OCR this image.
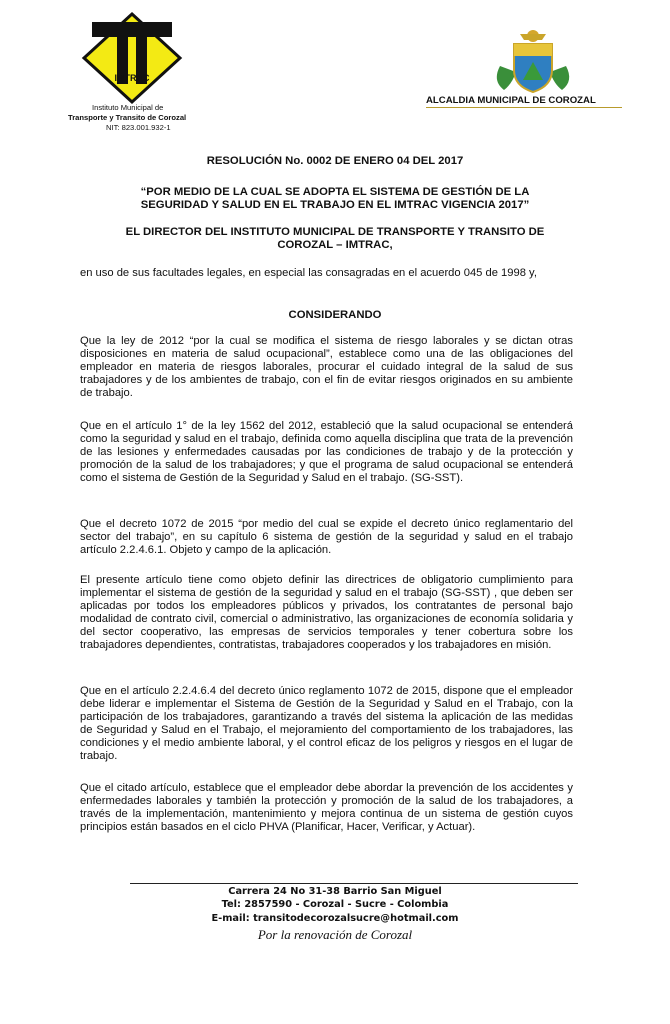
IMTRAC
Instituto Municipal de
Transporte y Transito de Corozal
NIT: 823.001.932-1
ALCALDIA MUNICIPAL DE COROZAL
RESOLUCIÓN No. 0002 DE ENERO 04 DEL 2017
“POR MEDIO DE LA CUAL SE ADOPTA EL SISTEMA DE GESTIÓN DE LA
SEGURIDAD Y SALUD EN EL TRABAJO EN EL IMTRAC VIGENCIA 2017”
EL DIRECTOR DEL INSTITUTO MUNICIPAL DE TRANSPORTE Y TRANSITO DE
COROZAL – IMTRAC,
en uso de sus facultades legales, en especial las consagradas en el acuerdo 045 de 1998 y,
CONSIDERANDO
Que la ley de 2012 “por la cual se modifica el sistema de riesgo laborales y se dictan otras disposiciones en materia de salud ocupacional”, establece como una de las obligaciones del empleador en materia de riesgos laborales, procurar el cuidado integral de la salud de sus trabajadores y de los ambientes de trabajo, con el fin de evitar riesgos originados en su ambiente de trabajo.
Que en el artículo 1° de la ley 1562 del 2012, estableció que la salud ocupacional se entenderá como la seguridad y salud en el trabajo, definida como aquella disciplina que trata de la prevención de las lesiones y enfermedades causadas por las condiciones de trabajo y de la protección y promoción de la salud de los trabajadores; y que el programa de salud ocupacional se entenderá como el sistema de Gestión de la Seguridad y Salud en el trabajo. (SG-SST).
Que el decreto 1072 de 2015 “por medio del cual se expide el decreto único reglamentario del sector del trabajo”, en su capítulo 6 sistema de gestión de la seguridad y salud en el trabajo artículo 2.2.4.6.1. Objeto y campo de la aplicación.
El presente artículo tiene como objeto definir las directrices de obligatorio cumplimiento para implementar el sistema de gestión de la seguridad y salud en el trabajo (SG-SST) , que deben ser aplicadas por todos los empleadores públicos y privados, los contratantes de personal bajo modalidad de contrato civil, comercial o administrativo, las organizaciones de economía solidaria y del sector cooperativo, las empresas de servicios temporales y tener cobertura sobre los trabajadores dependientes, contratistas, trabajadores cooperados y los trabajadores en misión.
Que en el artículo 2.2.4.6.4 del decreto único reglamento 1072 de 2015, dispone que el empleador debe liderar e implementar el Sistema de Gestión de la Seguridad y Salud en el Trabajo, con la participación de los trabajadores, garantizando a través del sistema la aplicación de las medidas de Seguridad y Salud en el Trabajo, el mejoramiento del comportamiento de los trabajadores, las condiciones y el medio ambiente laboral, y el control eficaz de los peligros y riesgos en el lugar de trabajo.
Que el citado artículo, establece que el empleador debe abordar la prevención de los accidentes y enfermedades laborales y también la protección y promoción de la salud de los trabajadores, a través de la implementación, mantenimiento y mejora continua de un sistema de gestión cuyos principios están basados en el ciclo PHVA (Planificar, Hacer, Verificar, y Actuar).
Carrera 24 No 31-38 Barrio San Miguel
Tel: 2857590 - Corozal - Sucre - Colombia
E-mail: transitodecorozalsucre@hotmail.com
Por la renovación de Corozal
